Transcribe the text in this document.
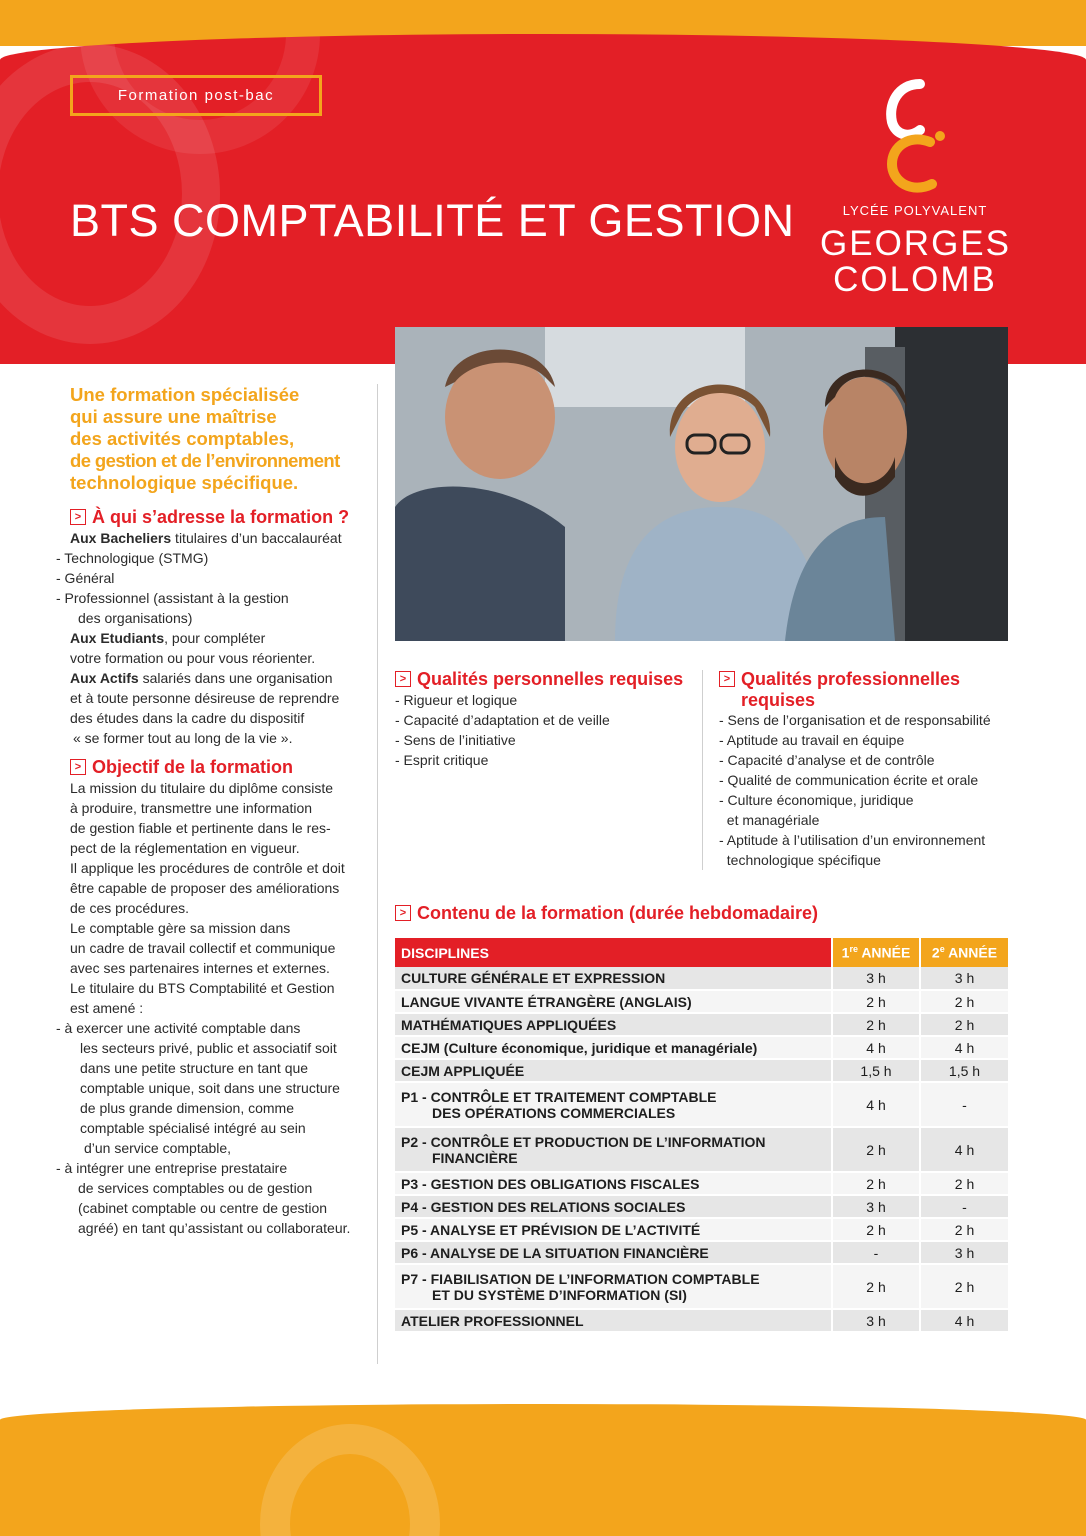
Formation post-bac
BTS COMPTABILITÉ ET GESTION	LYCÉE POLYVALENT
GEORGES
COLOMB
Une formation spécialisée
qui assure une maîtrise
des activités comptables,
de gestion et de l’environnement
technologique spécifique.
> À qui s’adresse la formation ?
Aux Bacheliers titulaires d’un baccalauréat
- Technologique (STMG)
- Général
- Professionnel (assistant à la gestion
des organisations)
Aux Etudiants, pour compléter
votre formation ou pour vous réorienter.
Aux Actifs salariés dans une organisation
et à toute personne désireuse de reprendre
des études dans la cadre du dispositif
« se former tout au long de la vie ».
> Objectif de la formation
La mission du titulaire du diplôme consiste
à produire, transmettre une information
de gestion fiable et pertinente dans le res-
pect de la réglementation en vigueur.
Il applique les procédures de contrôle et doit
être capable de proposer des améliorations
de ces procédures.
Le comptable gère sa mission dans
un cadre de travail collectif et communique
avec ses partenaires internes et externes.
Le titulaire du BTS Comptabilité et Gestion
est amené :
- à exercer une activité comptable dans
les secteurs privé, public et associatif soit
dans une petite structure en tant que
comptable unique, soit dans une structure
de plus grande dimension, comme
comptable spécialisé intégré au sein
d’un service comptable,
- à intégrer une entreprise prestataire
de services comptables ou de gestion
(cabinet comptable ou centre de gestion
agréé) en tant qu’assistant ou collaborateur.
> Qualités personnelles requises
- Rigueur et logique
- Capacité d’adaptation et de veille
- Sens de l’initiative
- Esprit critique
> Qualités professionnelles
requises
- Sens de l’organisation et de responsabilité
- Aptitude au travail en équipe
- Capacité d’analyse et de contrôle
- Qualité de communication écrite et orale
- Culture économique, juridique
et managériale
- Aptitude à l’utilisation d’un environnement
technologique spécifique
> Contenu de la formation (durée hebdomadaire)
DISCIPLINES	1re ANNÉE	2e ANNÉE

CULTURE GÉNÉRALE ET EXPRESSION	3 h	3 h

LANGUE VIVANTE ÉTRANGÈRE (ANGLAIS)	2 h	2 h

MATHÉMATIQUES APPLIQUÉES	2 h	2 h

CEJM (Culture économique, juridique et managériale)	4 h	4 h

CEJM APPLIQUÉE	1,5 h	1,5 h

P1 - CONTRÔLE ET TRAITEMENT COMPTABLE
DES OPÉRATIONS COMMERCIALES	4 h	-

P2 - CONTRÔLE ET PRODUCTION DE L’INFORMATION
FINANCIÈRE	2 h	4 h

P3 - GESTION DES OBLIGATIONS FISCALES	2 h	2 h

P4 - GESTION DES RELATIONS SOCIALES	3 h	-

P5 - ANALYSE ET PRÉVISION DE L’ACTIVITÉ	2 h	2 h

P6 - ANALYSE DE LA SITUATION FINANCIÈRE	-	3 h

P7 - FIABILISATION DE L’INFORMATION COMPTABLE
ET DU SYSTÈME D’INFORMATION (SI)	2 h	2 h

ATELIER PROFESSIONNEL	3 h	4 h
